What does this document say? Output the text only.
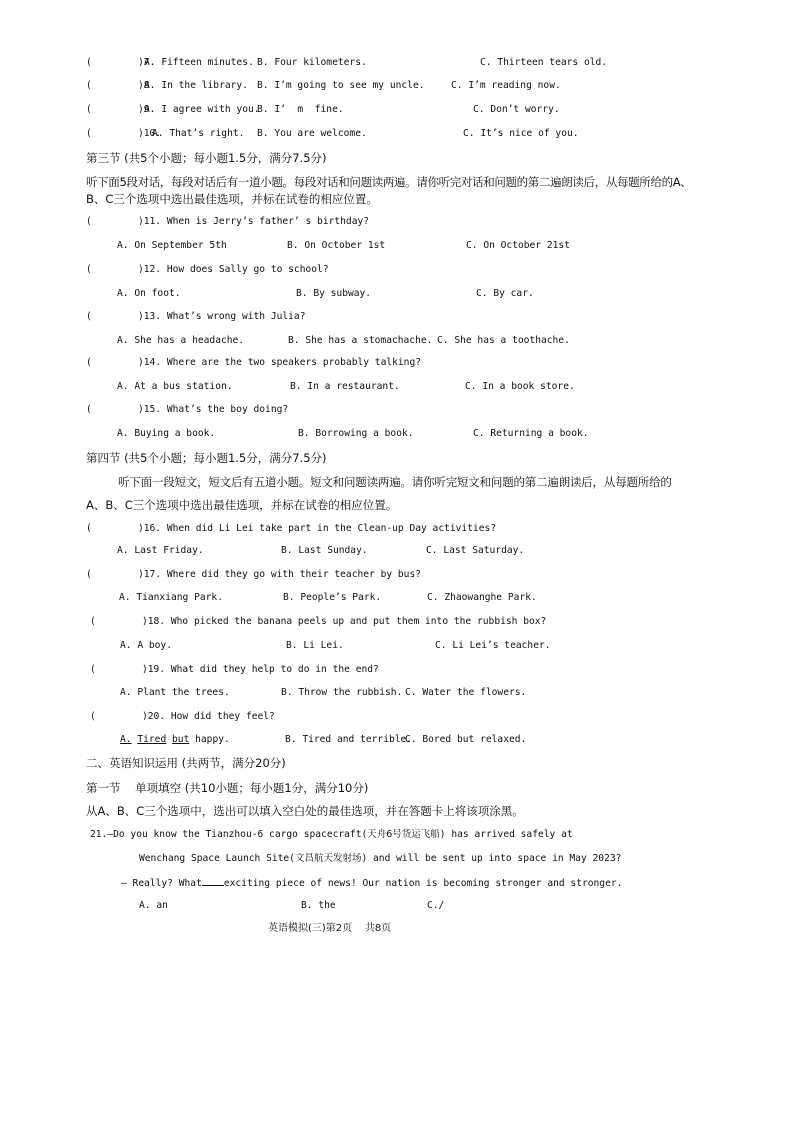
(        )7.
A. Fifteen minutes. B. Four kilometers.	C. Thirteen tears old.
(        )8.
A. In the library. B. I’m going to see my uncle.	C. I’m reading now.
(        )9.
A. I agree with you.
B. I’  m  fine.	C. Don’t worry.
(        )10.
A. That’s right. B. You are welcome.	C. It’s nice of you.
第三节 (共5个小题；每小题1.5分，满分7.5分)
听下面5段对话，每段对话后有一道小题。每段对话和问题读两遍。请你听完对话和问题的第二遍朗读后，从每题所给的A、
B、C三个选项中选出最佳选项，并标在试卷的相应位置。
(        )11. When is Jerry’s father’ s birthday?
A. On September 5th	B. On October 1st	C. On October 21st
(        )12. How does Sally go to school?
A. On foot.	B. By subway.	C. By car.
(        )13. What’s wrong with Julia?
A. She has a headache.	B. She has a stomachache. C. She has a toothache.
(        )14. Where are the two speakers probably talking?
A. At a bus station.	B. In a restaurant.	C. In a book store.
(        )15. What’s the boy doing?
A. Buying a book.	B. Borrowing a book.	C. Returning a book.
第四节 (共5个小题；每小题1.5分，满分7.5分)
听下面一段短文，短文后有五道小题。短文和问题读两遍。请你听完短文和问题的第二遍朗读后，从每题所给的
A、B、C三个选项中选出最佳选项，并标在试卷的相应位置。
(        )16. When did Li Lei take part in the Clean-up Day activities?
A. Last Friday.	B. Last Sunday.	C. Last Saturday.
(        )17. Where did they go with their teacher by bus?
A. Tianxiang Park.	B. People’s Park.	C. Zhaowanghe Park.
(        )18. Who picked the banana peels up and put them into the rubbish box?
A. A boy.	B. Li Lei.	C. Li Lei’s teacher.
(        )19. What did they help to do in the end?
A. Plant the trees.	B. Throw the rubbish. C. Water the flowers.
(        )20. How did they feel?
A. Tired but happy.	B. Tired and terrible.
C. Bored but relaxed.
二、英语知识运用 (共两节，满分20分)
第一节    单项填空 (共10小题；每小题1分，满分10分)
从A、B、C三个选项中，选出可以填入空白处的最佳选项，并在答题卡上将该项涂黑。
21.—Do you know the Tianzhou-6 cargo spacecraft(天舟6号货运飞船) has arrived safely at
Wenchang Space Launch Site(文昌航天发射场) and will be sent up into space in May 2023?
— Really? What exciting piece of news! Our nation is becoming stronger and stronger.
A. an	B. the	C./
英语模拟(三)第2页    共8页
